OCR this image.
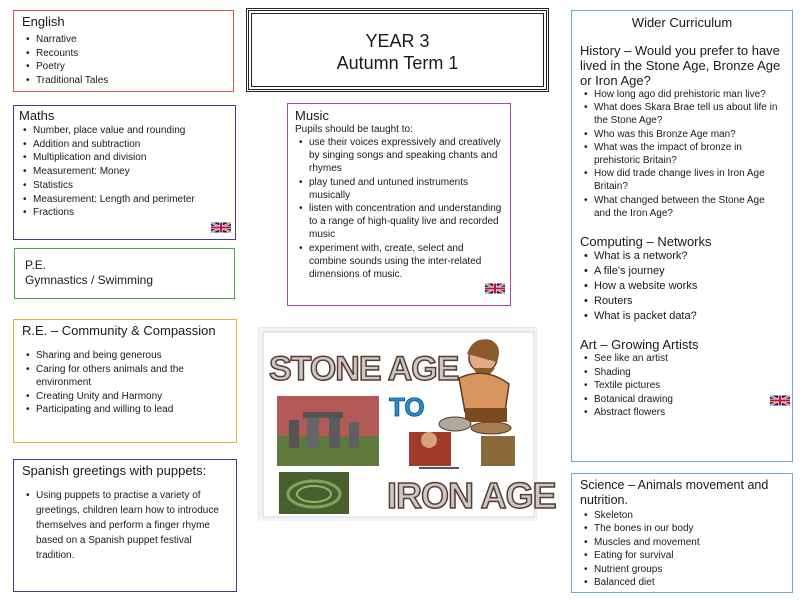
English
• Narrative
• Recounts
• Poetry
• Traditional Tales
YEAR 3
Autumn Term 1
Maths
• Number, place value and rounding
• Addition and subtraction
• Multiplication and division
• Measurement: Money
• Statistics
• Measurement: Length and perimeter
• Fractions
Music
Pupils should be taught to:
• use their voices expressively and creatively by singing songs and speaking chants and rhymes
• play tuned and untuned instruments musically
• listen with concentration and understanding to a range of high-quality live and recorded music
• experiment with, create, select and combine sounds using the inter-related dimensions of music.
P.E.
Gymnastics / Swimming
R.E. – Community & Compassion
• Sharing and being generous
• Caring for others animals and the environment
• Creating Unity and Harmony
• Participating and willing to lead
Spanish greetings with puppets:
• Using puppets to practise a variety of greetings, children learn how to introduce themselves and perform a finger rhyme based on a Spanish puppet festival tradition.
STONE AGE
TO
IRON AGE
Wider Curriculum
History – Would you prefer to have lived in the Stone Age, Bronze Age or Iron Age?
• How long ago did prehistoric man live?
• What does Skara Brae tell us about life in the Stone Age?
• Who was this Bronze Age man?
• What was the impact of bronze in prehistoric Britain?
• How did trade change lives in Iron Age Britain?
• What changed between the Stone Age and the Iron Age?
Computing – Networks
• What is a network?
• A file's journey
• How a website works
• Routers
• What is packet data?
Art – Growing Artists
• See like an artist
• Shading
• Textile pictures
• Botanical drawing
• Abstract flowers
Science – Animals movement and nutrition.
• Skeleton
• The bones in our body
• Muscles and movement
• Eating for survival
• Nutrient groups
• Balanced diet
